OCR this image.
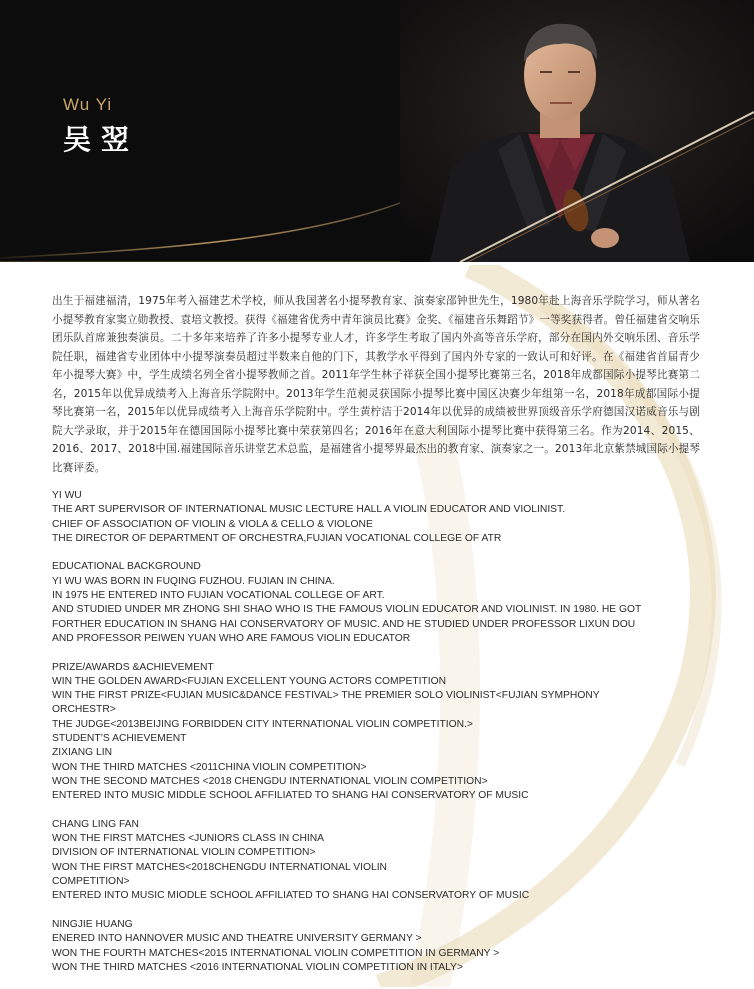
Wu Yi
吴翌

出生于福建福清，1975年考入福建艺术学校，师从我国著名小提琴教育家、演奏家邵钟世先生，1980年赴上海音乐学院学习，师从著名小提琴教育家窦立勋教授、袁培文教授。获得《福建省优秀中青年演员比赛》金奖、《福建音乐舞蹈节》一等奖获得者。曾任福建省交响乐团乐队首席兼独奏演员。二十多年来培养了许多小提琴专业人才，许多学生考取了国内外高等音乐学府，部分在国内外交响乐团、音乐学院任职，福建省专业团体中小提琴演奏员超过半数来自他的门下，其教学水平得到了国内外专家的一致认可和好评。在《福建省首届青少年小提琴大赛》中，学生成绩名列全省小提琴教师之首。2011年学生林子祥获全国小提琴比赛第三名，2018年成都国际小提琴比赛第二名，2015年以优异成绩考入上海音乐学院附中。2013年学生范昶灵获国际小提琴比赛中国区决赛少年组第一名，2018年成都国际小提琴比赛第一名，2015年以优异成绩考入上海音乐学院附中。学生黄柠洁于2014年以优异的成绩被世界顶级音乐学府德国汉诺威音乐与剧院大学录取，并于2015年在德国国际小提琴比赛中荣获第四名；2016年在意大利国际小提琴比赛中获得第三名。作为2014、2015、2016、2017、2018中国.福建国际音乐讲堂艺术总监，是福建省小提琴界最杰出的教育家、演奏家之一。2013年北京紫禁城国际小提琴比赛评委。

YI WU
THE ART SUPERVISOR OF INTERNATIONAL MUSIC LECTURE HALL A VIOLIN EDUCATOR AND VIOLINIST.
CHIEF OF ASSOCIATION OF VIOLIN & VIOLA & CELLO & VIOLONE
THE DIRECTOR OF DEPARTMENT OF ORCHESTRA,FUJIAN VOCATIONAL COLLEGE OF ATR
EDUCATIONAL BACKGROUND
YI WU WAS BORN IN FUQING FUZHOU. FUJIAN IN CHINA.
IN 1975 HE ENTERED INTO FUJIAN VOCATIONAL COLLEGE OF ART.
AND STUDIED UNDER MR ZHONG SHI SHAO WHO IS THE FAMOUS VIOLIN EDUCATOR AND VIOLINIST. IN 1980. HE GOT
FORTHER EDUCATION IN SHANG HAI CONSERVATORY OF MUSIC. AND HE STUDIED UNDER PROFESSOR LIXUN DOU
AND PROFESSOR PEIWEN YUAN WHO ARE FAMOUS VIOLIN EDUCATOR
PRIZE/AWARDS &ACHIEVEMENT
WIN THE GOLDEN AWARD<FUJIAN EXCELLENT YOUNG ACTORS COMPETITION
WIN THE FIRST PRIZE<FUJIAN MUSIC&DANCE FESTIVAL> THE PREMIER SOLO VIOLINIST<FUJIAN SYMPHONY
ORCHESTR>
THE JUDGE<2013BEIJING FORBIDDEN CITY INTERNATIONAL VIOLIN COMPETITION.>
STUDENT’S ACHIEVEMENT
ZIXIANG LIN
WON THE THIRD MATCHES <2011CHINA VIOLIN COMPETITION>
WON THE SECOND MATCHES <2018 CHENGDU INTERNATIONAL VIOLIN COMPETITION>
ENTERED INTO MUSIC MIDDLE SCHOOL AFFILIATED TO SHANG HAI CONSERVATORY OF MUSIC
CHANG LING FAN
WON THE FIRST MATCHES <JUNIORS CLASS IN CHINA
DIVISION OF INTERNATIONAL VIOLIN COMPETITION>
WON THE FIRST MATCHES<2018CHENGDU INTERNATIONAL VIOLIN
COMPETITION>
ENTERED INTO MUSIC MIODLE SCHOOL AFFILIATED TO SHANG HAI CONSERVATORY OF MUSIC
NINGJIE HUANG
ENERED INTO HANNOVER MUSIC AND THEATRE UNIVERSITY GERMANY >
WON THE FOURTH MATCHES<2015 INTERNATIONAL VIOLIN COMPETITION IN GERMANY >
WON THE THIRD MATCHES <2016 INTERNATIONAL VIOLIN COMPETITION IN ITALY>
